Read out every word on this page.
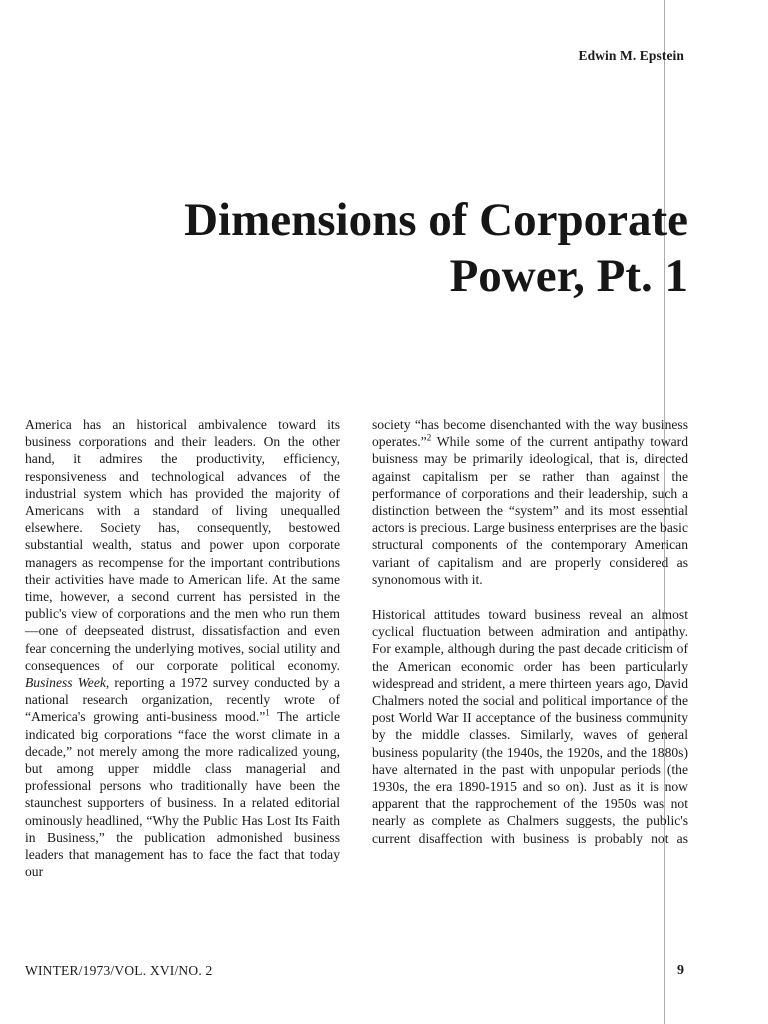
Edwin M. Epstein
Dimensions of Corporate
Power, Pt. 1

America has an historical ambivalence toward its business corporations and their leaders. On the other hand, it admires the productivity, efficiency, responsiveness and technological advances of the industrial system which has provided the majority of Americans with a standard of living unequalled elsewhere. Society has, consequently, bestowed substantial wealth, status and power upon corporate managers as recompense for the important contributions their activities have made to American life. At the same time, however, a second current has persisted in the public's view of corporations and the men who run them—one of deepseated distrust, dissatisfaction and even fear concerning the underlying motives, social utility and consequences of our corporate political economy. Business Week, reporting a 1972 survey conducted by a national research organization, recently wrote of “America's growing anti-business mood.”$^1$ The article indicated big corporations “face the worst climate in a decade,” not merely among the more radicalized young, but among upper middle class managerial and professional persons who traditionally have been the staunchest supporters of business. In a related editorial ominously headlined, “Why the Public Has Lost Its Faith in Business,” the publication admonished business leaders that management has to face the fact that today our

society “has become disenchanted with the way business operates.”$^2$ While some of the current antipathy toward buisness may be primarily ideological, that is, directed against capitalism per se rather than against the performance of corporations and their leadership, such a distinction between the “system” and its most essential actors is precious. Large business enterprises are the basic structural components of the contemporary American variant of capitalism and are properly considered as synonomous with it.

Historical attitudes toward business reveal an almost cyclical fluctuation between admiration and antipathy. For example, although during the past decade criticism of the American economic order has been particularly widespread and strident, a mere thirteen years ago, David Chalmers noted the social and political importance of the post World War II acceptance of the business community by the middle classes. Similarly, waves of general business popularity (the 1940s, the 1920s, and the 1880s) have alternated in the past with unpopular periods (the 1930s, the era 1890-1915 and so on). Just as it is now apparent that the rapprochement of the 1950s was not nearly as complete as Chalmers suggests, the public's current disaffection with business is probably not as

WINTER/1973/VOL. XVI/NO. 2	9
